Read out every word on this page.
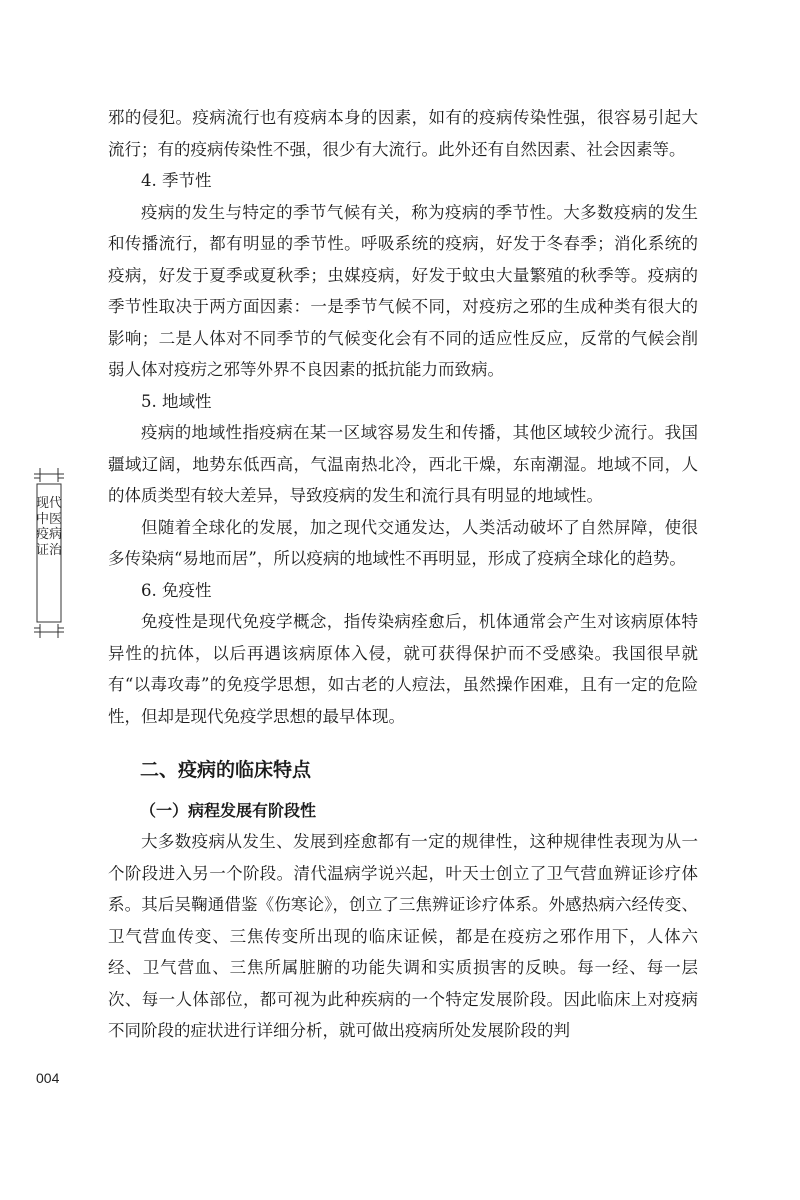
现代中医疫病证治

邪的侵犯。疫病流行也有疫病本身的因素，如有的疫病传染性强，很容易引起大流行；有的疫病传染性不强，很少有大流行。此外还有自然因素、社会因素等。

4. 季节性

疫病的发生与特定的季节气候有关，称为疫病的季节性。大多数疫病的发生和传播流行，都有明显的季节性。呼吸系统的疫病，好发于冬春季；消化系统的疫病，好发于夏季或夏秋季；虫媒疫病，好发于蚊虫大量繁殖的秋季等。疫病的季节性取决于两方面因素：一是季节气候不同，对疫疠之邪的生成种类有很大的影响；二是人体对不同季节的气候变化会有不同的适应性反应，反常的气候会削弱人体对疫疠之邪等外界不良因素的抵抗能力而致病。

5. 地域性

疫病的地域性指疫病在某一区域容易发生和传播，其他区域较少流行。我国疆域辽阔，地势东低西高，气温南热北冷，西北干燥，东南潮湿。地域不同，人的体质类型有较大差异，导致疫病的发生和流行具有明显的地域性。

但随着全球化的发展，加之现代交通发达，人类活动破坏了自然屏障，使很多传染病“易地而居”，所以疫病的地域性不再明显，形成了疫病全球化的趋势。

6. 免疫性

免疫性是现代免疫学概念，指传染病痊愈后，机体通常会产生对该病原体特异性的抗体，以后再遇该病原体入侵，就可获得保护而不受感染。我国很早就有“以毒攻毒”的免疫学思想，如古老的人痘法，虽然操作困难，且有一定的危险性，但却是现代免疫学思想的最早体现。

二、疫病的临床特点
（一）病程发展有阶段性

大多数疫病从发生、发展到痊愈都有一定的规律性，这种规律性表现为从一个阶段进入另一个阶段。清代温病学说兴起，叶天士创立了卫气营血辨证诊疗体系。其后吴鞠通借鉴《伤寒论》，创立了三焦辨证诊疗体系。外感热病六经传变、卫气营血传变、三焦传变所出现的临床证候，都是在疫疠之邪作用下，人体六经、卫气营血、三焦所属脏腑的功能失调和实质损害的反映。每一经、每一层次、每一人体部位，都可视为此种疾病的一个特定发展阶段。因此临床上对疫病不同阶段的症状进行详细分析，就可做出疫病所处发展阶段的判

004
